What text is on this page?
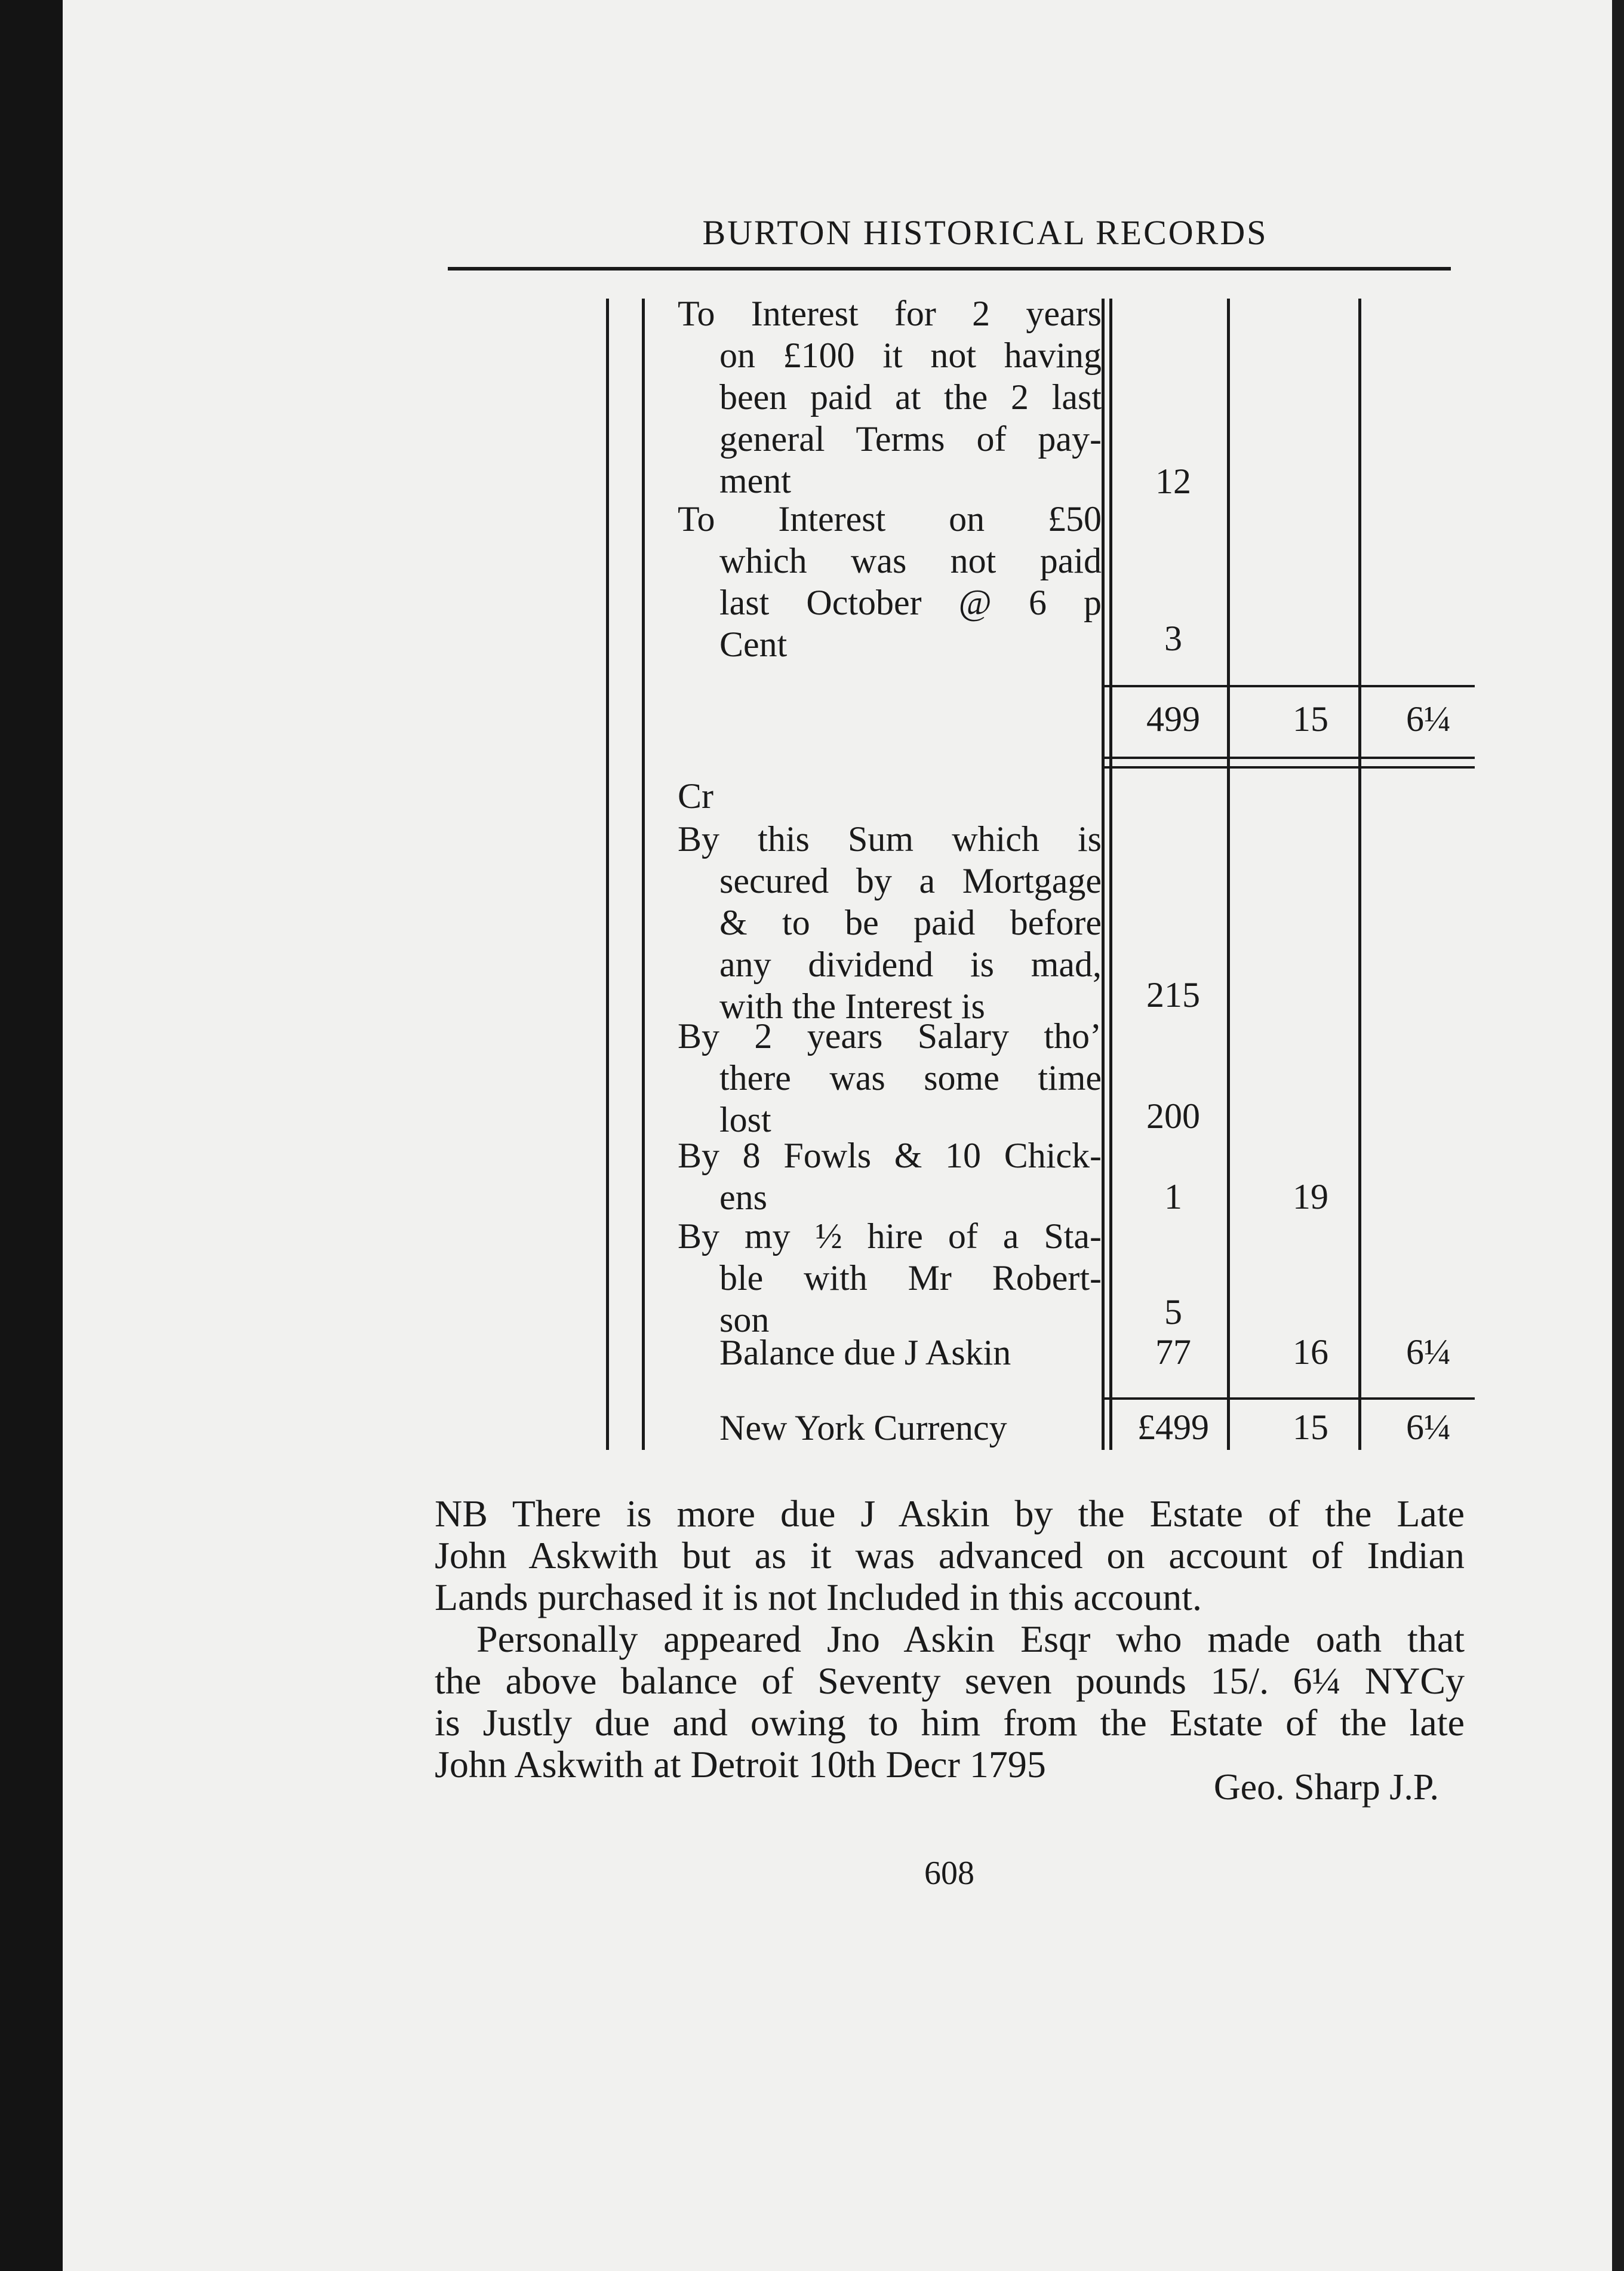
BURTON HISTORICAL RECORDS
To Interest for 2 years
on £100 it not having
been paid at the 2 last
general Terms of pay-
ment	12
To Interest on £50
which was not paid
last October @ 6 p
Cent	3
499	15	6¼
Cr
By this Sum which is
secured by a Mortgage
& to be paid before
any dividend is mad,
with the Interest is	215
By 2 years Salary tho’
there was some time
lost	200
By 8 Fowls & 10 Chick-
ens	1	19
By my ½ hire of a Sta-
ble with Mr Robert-
son	5
Balance due J Askin	77	16	6¼
New York Currency	£499	15	6¼
NB There is more due J Askin by the Estate of the Late
John Askwith but as it was advanced on account of Indian
Lands purchased it is not Included in this account.
Personally appeared Jno Askin Esqr who made oath that
the above balance of Seventy seven pounds 15/. 6¼ NYCy
is Justly due and owing to him from the Estate of the late
John Askwith at Detroit 10th Decr 1795
Geo. Sharp J.P.
608
